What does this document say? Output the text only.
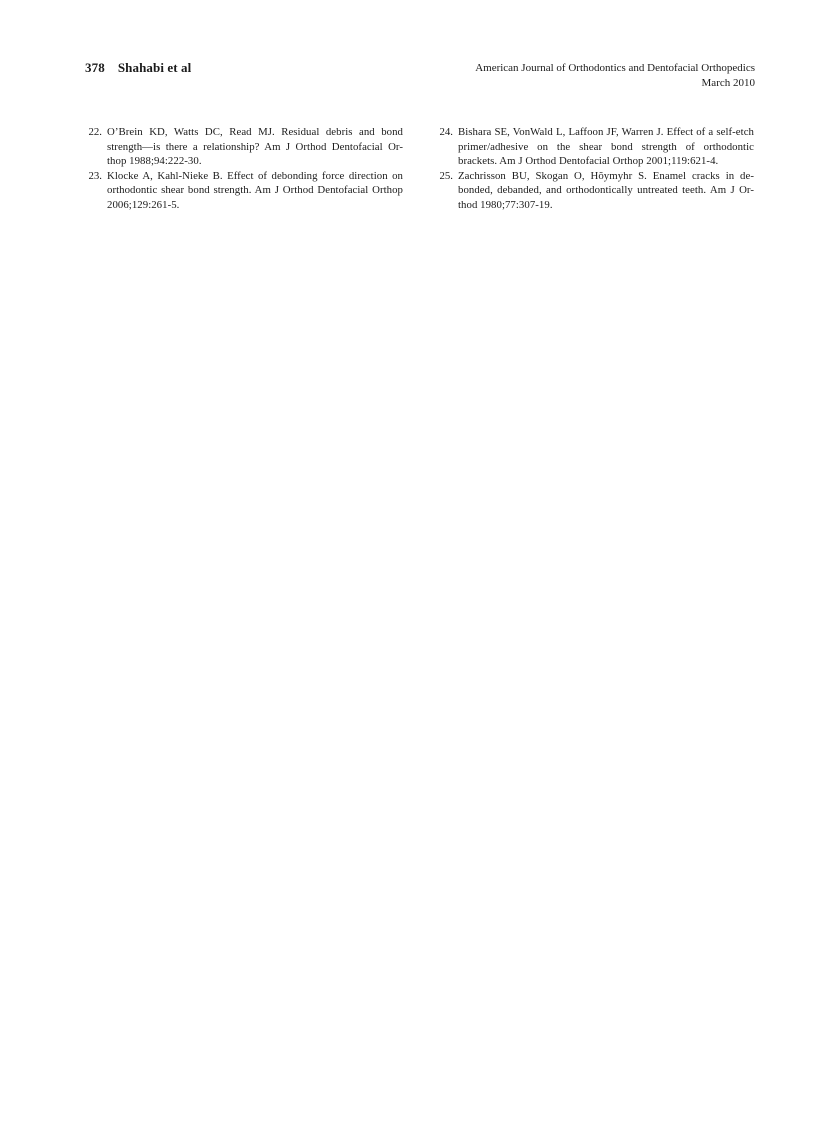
378 Shahabi et al	American Journal of Orthodontics and Dentofacial Orthopedics
March 2010
22. O’Brein KD, Watts DC, Read MJ. Residual debris and bond
strength—is there a relationship? Am J Orthod Dentofacial Or-
thop 1988;94:222-30.
23. Klocke A, Kahl-Nieke B. Effect of debonding force direction on
orthodontic shear bond strength. Am J Orthod Dentofacial Orthop
2006;129:261-5.
24. Bishara SE, VonWald L, Laffoon JF, Warren J. Effect of a self-etch
primer/adhesive on the shear bond strength of orthodontic
brackets. Am J Orthod Dentofacial Orthop 2001;119:621-4.
25. Zachrisson BU, Skogan O, Hõymyhr S. Enamel cracks in de-
bonded, debanded, and orthodontically untreated teeth. Am J Or-
thod 1980;77:307-19.
